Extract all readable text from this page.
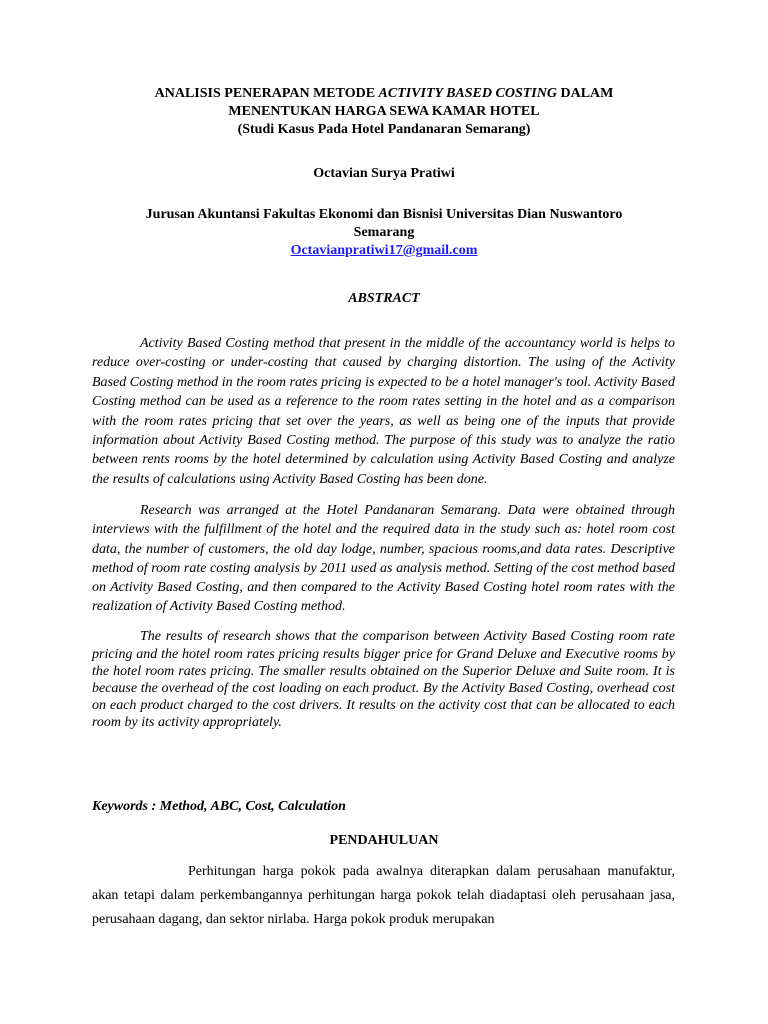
ANALISIS PENERAPAN METODE ACTIVITY BASED COSTING DALAM
MENENTUKAN HARGA SEWA KAMAR HOTEL
(Studi Kasus Pada Hotel Pandanaran Semarang)

Octavian Surya Pratiwi

Jurusan Akuntansi Fakultas Ekonomi dan Bisnisi Universitas Dian Nuswantoro
Semarang
Octavianpratiwi17@gmail.com

ABSTRACT

Activity Based Costing method that present in the middle of the accountancy world is helps to reduce over-costing or under-costing that caused by charging distortion. The using of the Activity Based Costing method in the room rates pricing is expected to be a hotel manager's tool. Activity Based Costing method can be used as a reference to the room rates setting in the hotel and as a comparison with the room rates pricing that set over the years, as well as being one of the inputs that provide information about Activity Based Costing method. The purpose of this study was to analyze the ratio between rents rooms by the hotel determined by calculation using Activity Based Costing and analyze the results of calculations using Activity Based Costing has been done.

Research was arranged at the Hotel Pandanaran Semarang. Data were obtained through interviews with the fulfillment of the hotel and the required data in the study such as: hotel room cost data, the number of customers, the old day lodge, number, spacious rooms,and data rates. Descriptive method of room rate costing analysis by 2011 used as analysis method. Setting of the cost method based on Activity Based Costing, and then compared to the Activity Based Costing hotel room rates with the realization of Activity Based Costing method.

The results of research shows that the comparison between Activity Based Costing room rate pricing and the hotel room rates pricing results bigger price for Grand Deluxe and Executive rooms by the hotel room rates pricing. The smaller results obtained on the Superior Deluxe and Suite room. It is because the overhead of the cost loading on each product. By the Activity Based Costing, overhead cost on each product charged to the cost drivers. It results on the activity cost that can be allocated to each room by its activity appropriately.

Keywords : Method, ABC, Cost, Calculation

PENDAHULUAN

Perhitungan harga pokok pada awalnya diterapkan dalam perusahaan manufaktur, akan tetapi dalam perkembangannya perhitungan harga pokok telah diadaptasi oleh perusahaan jasa, perusahaan dagang, dan sektor nirlaba. Harga pokok produk merupakan
